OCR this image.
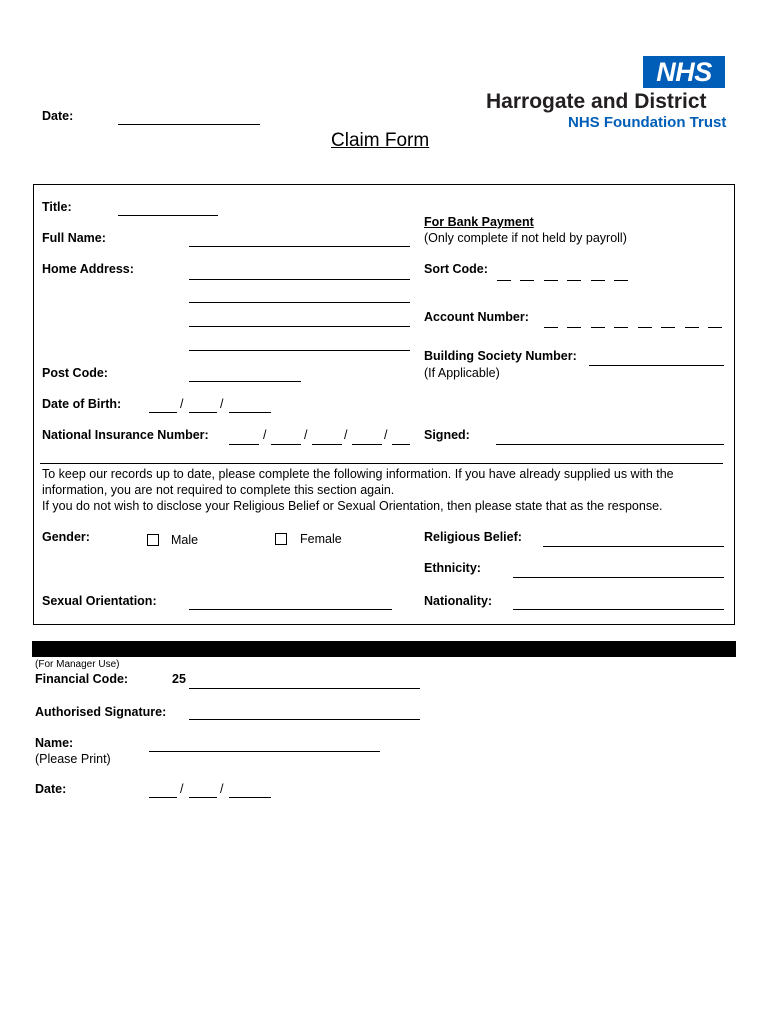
Date:
NHS
Harrogate and District
NHS Foundation Trust
Claim Form
Title:
Full Name:
Home Address:
Post Code:
Date of Birth:	/	/
National Insurance Number:	/	/	/	/
For Bank Payment
(Only complete if not held by payroll)
Sort Code:
Account Number:
Building Society Number:
(If Applicable)
Signed:
To keep our records up to date, please complete the following information. If you have already supplied us with the information, you are not required to complete this section again.
If you do not wish to disclose your Religious Belief or Sexual Orientation, then please state that as the response.
Gender:	Male	Female	Religious Belief:
Ethnicity:
Sexual Orientation:	Nationality:
(For Manager Use)
Financial Code:	25
Authorised Signature:
Name:
(Please Print)
Date:	/	/
